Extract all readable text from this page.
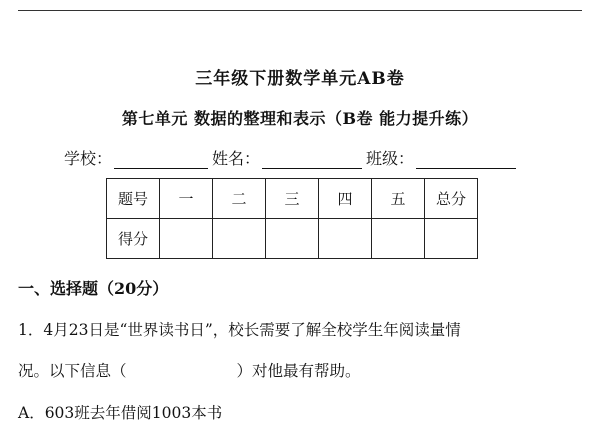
三年级下册数学单元AB卷
第七单元 数据的整理和表示（B卷 能力提升练）
学校：	姓名：	班级：
题号	一	二	三	四	五	总分
得分						
一、选择题（20分）
1．4月23日是“世界读书日”，校长需要了解全校学生年阅读量情
况。以下信息（	）对他最有帮助。
A．603班去年借阅1003本书
